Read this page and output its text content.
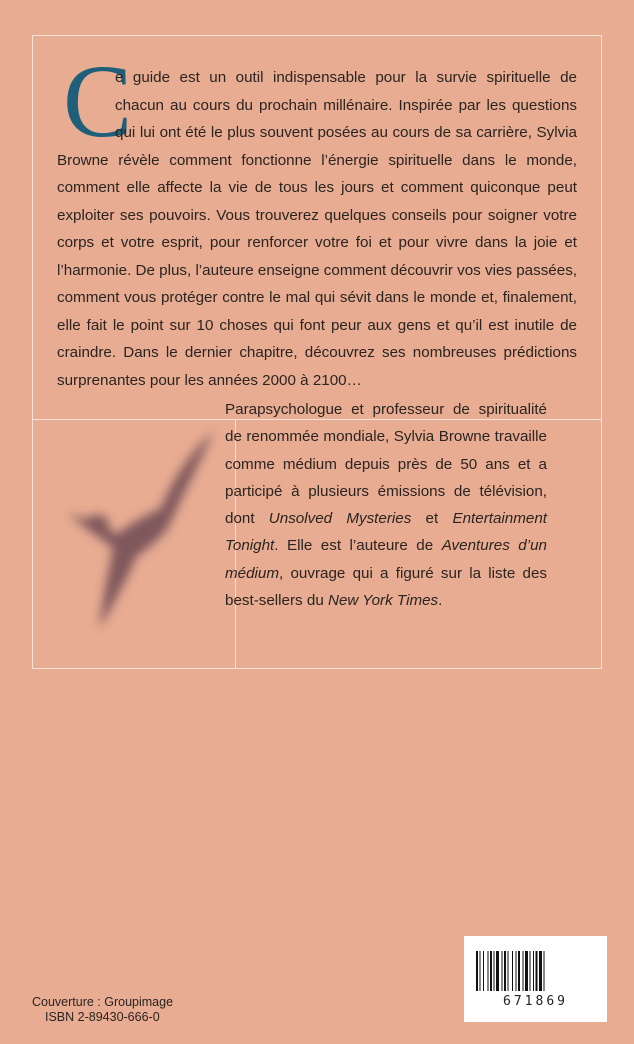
C

e guide est un outil indispensable pour la survie spirituelle de chacun au cours du prochain millénaire. Inspirée par les questions qui lui ont été le plus souvent posées au cours de sa carrière, Sylvia Browne révèle comment fonctionne l’énergie spirituelle dans le monde, comment elle affecte la vie de tous les jours et comment quiconque peut exploiter ses pouvoirs. Vous trouverez quelques conseils pour soigner votre corps et votre esprit, pour renforcer votre foi et pour vivre dans la joie et l’harmonie. De plus, l’auteure enseigne comment découvrir vos vies passées, comment vous protéger contre le mal qui sévit dans le monde et, finalement, elle fait le point sur 10 choses qui font peur aux gens et qu’il est inutile de craindre. Dans le dernier chapitre, découvrez ses nombreuses prédictions surprenantes pour les années 2000 à 2100…

Parapsychologue et professeur de spiritualité de renommée mondiale, Sylvia Browne travaille comme médium depuis près de 50 ans et a participé à plusieurs émissions de télévision, dont Unsolved Mysteries et Entertainment Tonight. Elle est l’auteure de Aventures d’un médium, ouvrage qui a figuré sur la liste des best-sellers du New York Times.

671869
Couverture : Groupimage
ISBN 2-89430-666-0
